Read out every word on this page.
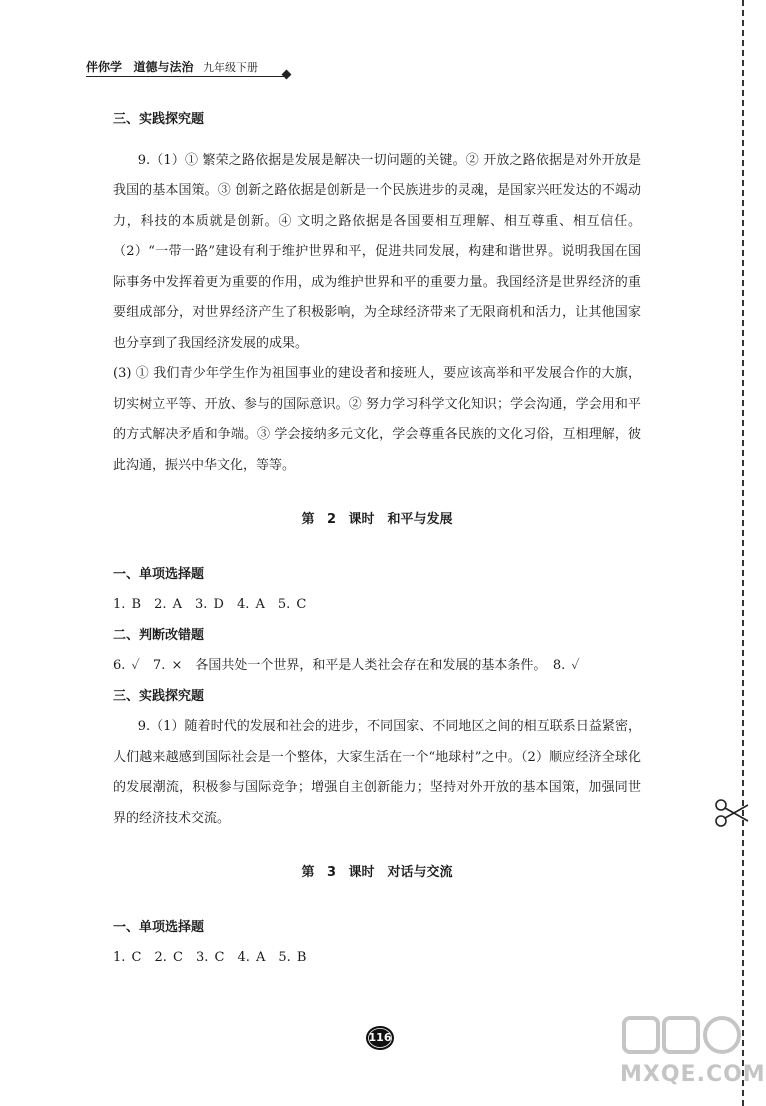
伴你学 道德与法治 九年级下册
三、实践探究题

9.（1）① 繁荣之路依据是发展是解决一切问题的关键。② 开放之路依据是对外开放是我国的基本国策。③ 创新之路依据是创新是一个民族进步的灵魂，是国家兴旺发达的不竭动力，科技的本质就是创新。④ 文明之路依据是各国要相互理解、相互尊重、相互信任。（2）“一带一路”建设有利于维护世界和平，促进共同发展，构建和谐世界。说明我国在国际事务中发挥着更为重要的作用，成为维护世界和平的重要力量。我国经济是世界经济的重要组成部分，对世界经济产生了积极影响，为全球经济带来了无限商机和活力，让其他国家也分享到了我国经济发展的成果。

(3) ① 我们青少年学生作为祖国事业的建设者和接班人，要应该高举和平发展合作的大旗，切实树立平等、开放、参与的国际意识。② 努力学习科学文化知识；学会沟通，学会用和平的方式解决矛盾和争端。③ 学会接纳多元文化，学会尊重各民族的文化习俗，互相理解，彼此沟通，振兴中华文化，等等。

第 2 课时　和平与发展
一、单项选择题

1. B　2. A　3. D　4. A　5. C

二、判断改错题

6. ✓　7. ×　各国共处一个世界，和平是人类社会存在和发展的基本条件。　8. ✓

三、实践探究题

9.（1）随着时代的发展和社会的进步，不同国家、不同地区之间的相互联系日益紧密，人们越来越感到国际社会是一个整体，大家生活在一个“地球村”之中。（2）顺应经济全球化的发展潮流，积极参与国际竞争；增强自主创新能力；坚持对外开放的基本国策，加强同世界的经济技术交流。

第 3 课时　对话与交流
一、单项选择题

1. C　2. C　3. C　4. A　5. B

116
MXQE.COM
